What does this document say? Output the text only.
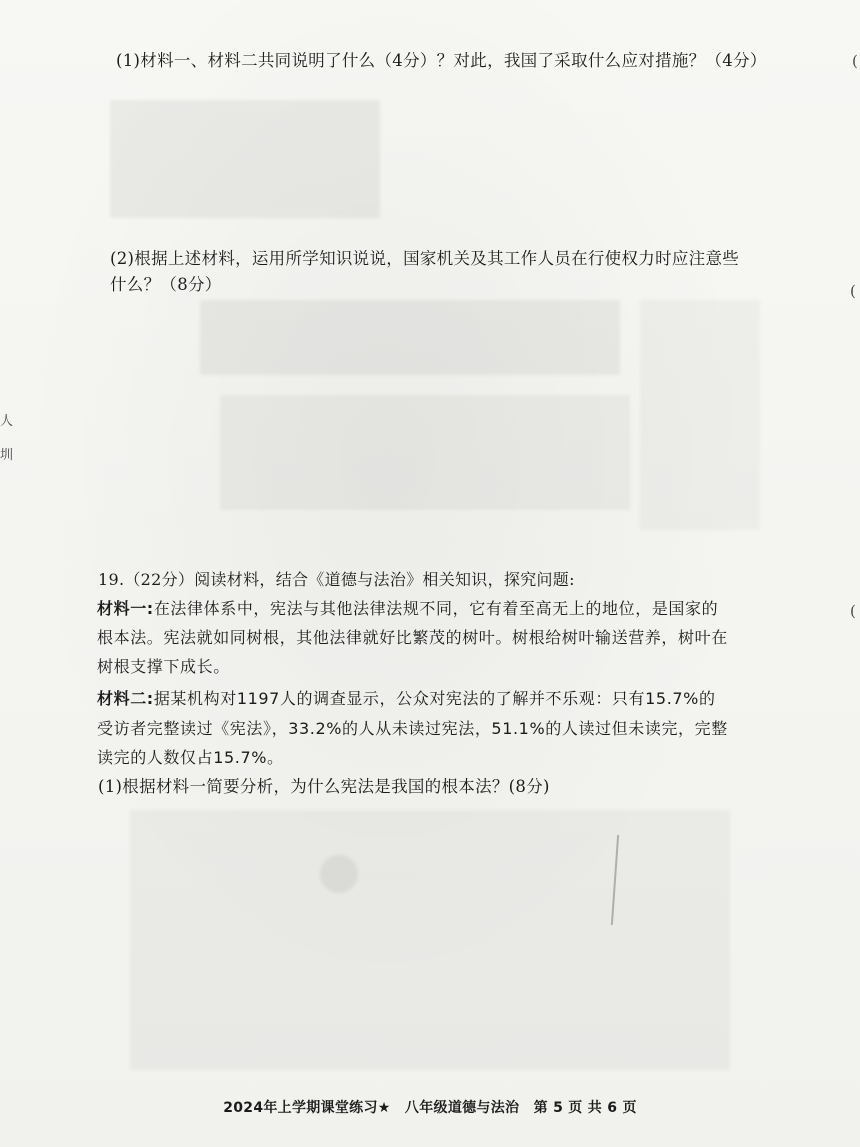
(1)材料一、材料二共同说明了什么（4分）？对此，我国了采取什么应对措施？（4分）
(2)根据上述材料，运用所学知识说说，国家机关及其工作人员在行使权力时应注意些
什么？（8分）
19.（22分）阅读材料，结合《道德与法治》相关知识，探究问题:
材料一:在法律体系中，宪法与其他法律法规不同，它有着至高无上的地位，是国家的
根本法。宪法就如同树根，其他法律就好比繁茂的树叶。树根给树叶输送营养，树叶在
树根支撑下成长。
材料二:据某机构对1197人的调查显示，公众对宪法的了解并不乐观：只有15.7%的
受访者完整读过《宪法》，33.2%的人从未读过宪法，51.1%的人读过但未读完，完整
读完的人数仅占15.7%。
(1)根据材料一简要分析，为什么宪法是我国的根本法？(8分)
2024年上学期课堂练习★　八年级道德与法治　第 5 页 共 6 页
(
(
(
人
圳
